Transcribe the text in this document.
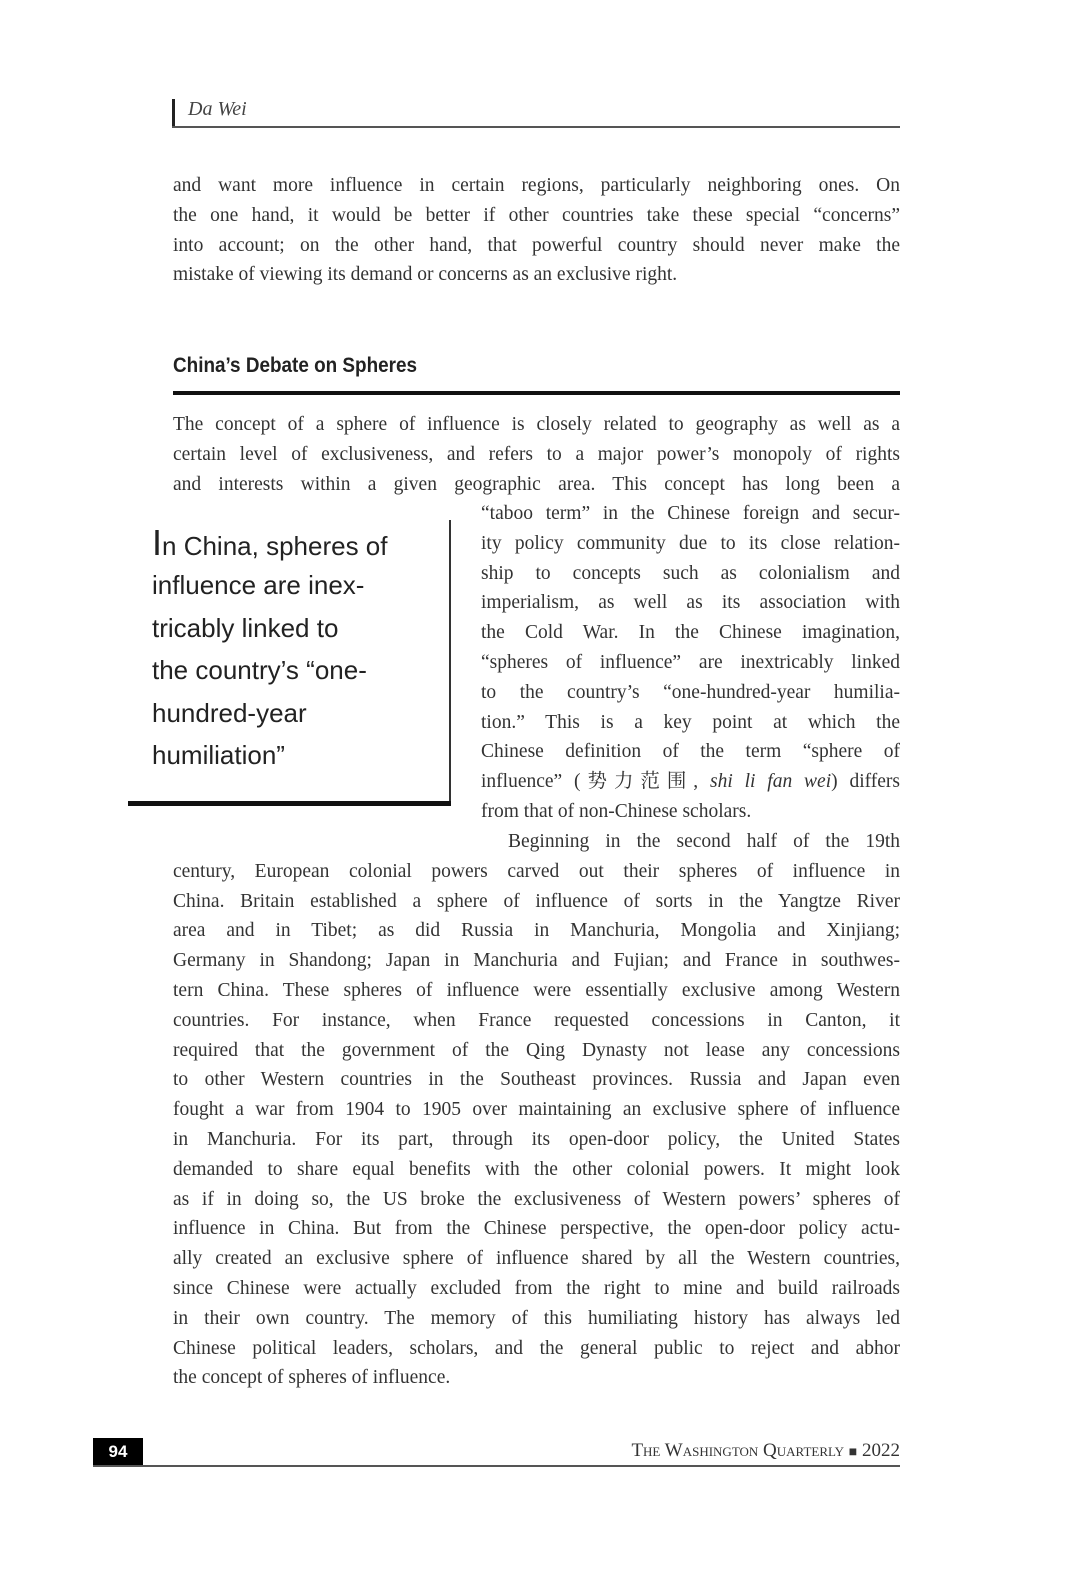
Da Wei
and want more influence in certain regions, particularly neighboring ones. On
the one hand, it would be better if other countries take these special “concerns”
into account; on the other hand, that powerful country should never make the
mistake of viewing its demand or concerns as an exclusive right.
The concept of a sphere of influence is closely related to geography as well as a
certain level of exclusiveness, and refers to a major power’s monopoly of rights
and interests within a given geographic area. This concept has long been a
“taboo term” in the Chinese foreign and secur-
ity policy community due to its close relation-
ship to concepts such as colonialism and
imperialism, as well as its association with
the Cold War. In the Chinese imagination,
“spheres of influence” are inextricably linked
to the country’s “one-hundred-year humilia-
tion.” This is a key point at which the
Chinese definition of the term “sphere of
influence” (势力范围, shi li fan wei) differs
from that of non-Chinese scholars.
Beginning in the second half of the 19th
century, European colonial powers carved out their spheres of influence in
China. Britain established a sphere of influence of sorts in the Yangtze River
area and in Tibet; as did Russia in Manchuria, Mongolia and Xinjiang;
Germany in Shandong; Japan in Manchuria and Fujian; and France in southwes-
tern China. These spheres of influence were essentially exclusive among Western
countries. For instance, when France requested concessions in Canton, it
required that the government of the Qing Dynasty not lease any concessions
to other Western countries in the Southeast provinces. Russia and Japan even
fought a war from 1904 to 1905 over maintaining an exclusive sphere of influence
in Manchuria. For its part, through its open-door policy, the United States
demanded to share equal benefits with the other colonial powers. It might look
as if in doing so, the US broke the exclusiveness of Western powers’ spheres of
influence in China. But from the Chinese perspective, the open-door policy actu-
ally created an exclusive sphere of influence shared by all the Western countries,
since Chinese were actually excluded from the right to mine and build railroads
in their own country. The memory of this humiliating history has always led
Chinese political leaders, scholars, and the general public to reject and abhor
the concept of spheres of influence.
China’s Debate on Spheres
In China, spheres of
influence are inex-
tricably linked to
the country’s “one-
hundred-year
humiliation”
94	The Washington Quarterly ■ 2022
